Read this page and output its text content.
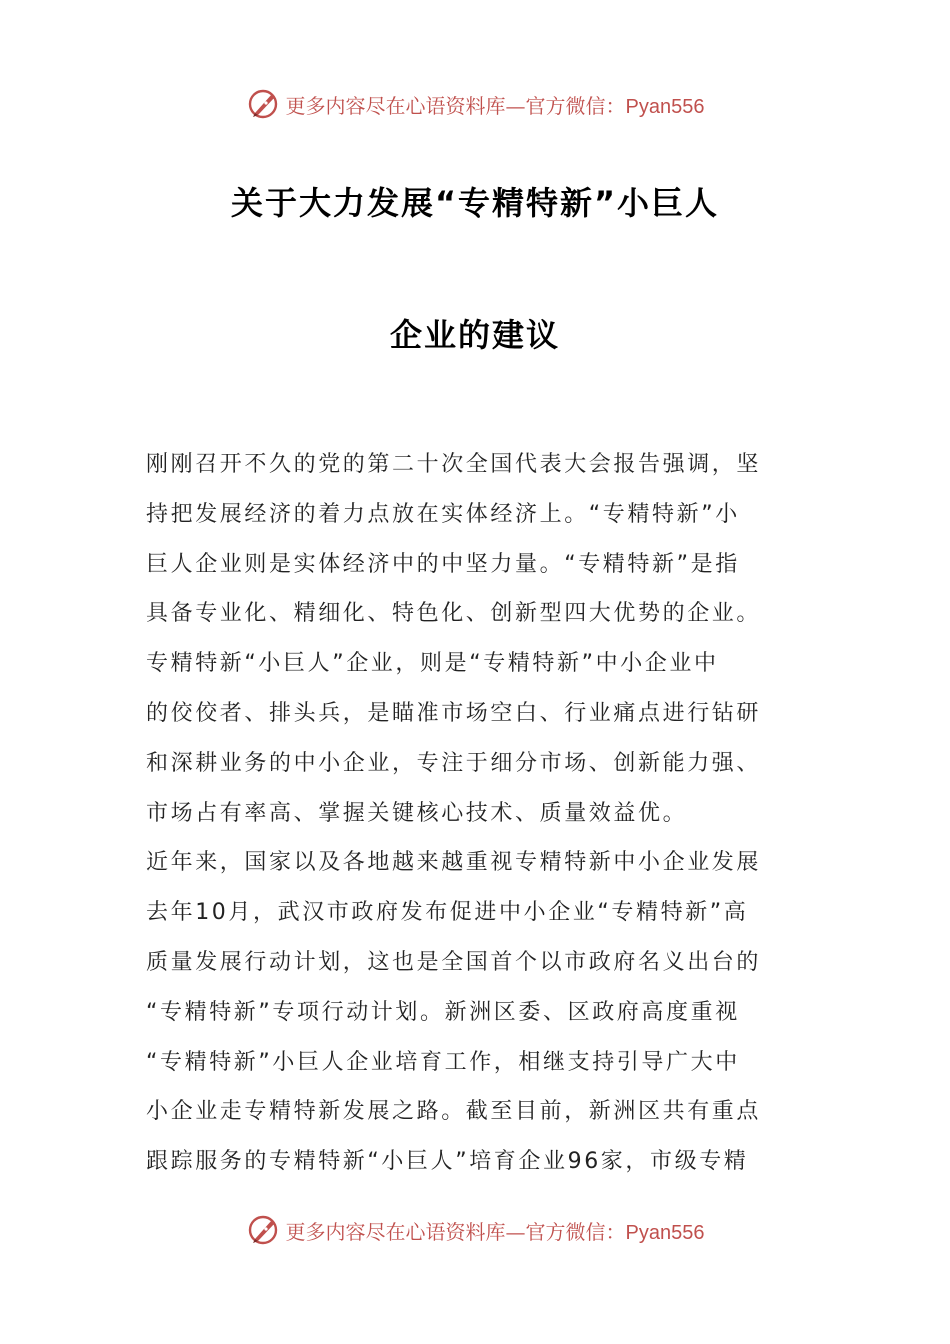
更多内容尽在心语资料库—官方微信：Pyan556
关于大力发展“专精特新”小巨人
企业的建议
刚刚召开不久的党的第二十次全国代表大会报告强调，坚
持把发展经济的着力点放在实体经济上。“专精特新”小
巨人企业则是实体经济中的中坚力量。“专精特新”是指
具备专业化、精细化、特色化、创新型四大优势的企业。
专精特新“小巨人”企业，则是“专精特新”中小企业中
的佼佼者、排头兵，是瞄准市场空白、行业痛点进行钻研
和深耕业务的中小企业，专注于细分市场、创新能力强、
市场占有率高、掌握关键核心技术、质量效益优。
近年来，国家以及各地越来越重视专精特新中小企业发展
去年10月，武汉市政府发布促进中小企业“专精特新”高
质量发展行动计划，这也是全国首个以市政府名义出台的
“专精特新”专项行动计划。新洲区委、区政府高度重视
“专精特新”小巨人企业培育工作，相继支持引导广大中
小企业走专精特新发展之路。截至目前，新洲区共有重点
跟踪服务的专精特新“小巨人”培育企业96家，市级专精
更多内容尽在心语资料库—官方微信：Pyan556
